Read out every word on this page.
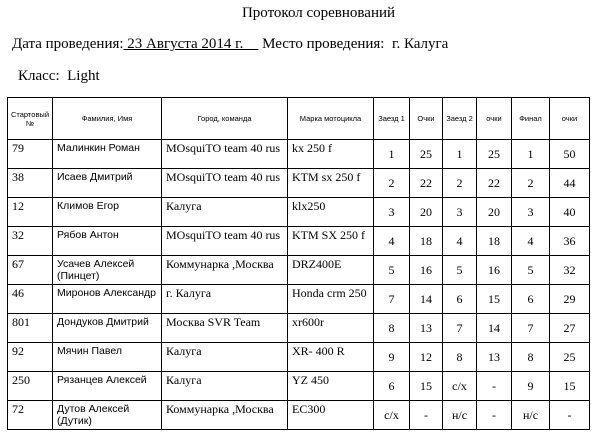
Протокол соревнований
Дата проведения: 23 Августа 2014 г.     Место проведения: г. Калуга
Класс: Light
Стартовый №	Фамилия, Имя	Город, команда	Марка мотоцикла	Заезд 1	Очки	Заезд 2	очки	Финал	очки
79	Малинкин Роман	MOsquiTO team 40 rus	kx 250 f	1	25	1	25	1	50
38	Исаев Дмитрий	MOsquiTO team 40 rus	KTM sx 250 f	2	22	2	22	2	44
12	Климов Егор	Калуга	klx250	3	20	3	20	3	40
32	Рябов Антон	MOsquiTO team 40 rus	KTM SX 250 f	4	18	4	18	4	36
67	Усачев Алексей (Пинцет)	Коммунарка ,Москва	DRZ400E	5	16	5	16	5	32
46	Миронов Александр	г. Калуга	Honda crm 250	7	14	6	15	6	29
801	Дондуков Дмитрий	Москва SVR Team	xr600r	8	13	7	14	7	27
92	Мячин Павел	Калуга	XR- 400 R	9	12	8	13	8	25
250	Рязанцев Алексей	Калуга	YZ 450	6	15	с/х	-	9	15
72	Дутов Алексей (Дутик)	Коммунарка ,Москва	EC300	с/х	-	н/с	-	н/с	-
